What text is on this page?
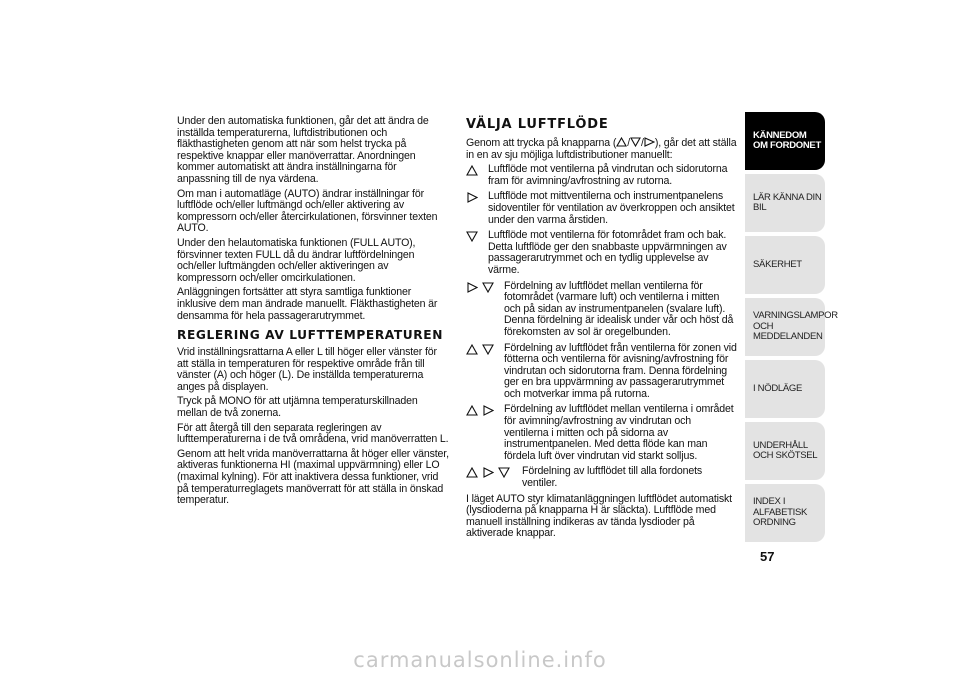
Under den automatiska funktionen, går det att ändra de inställda temperaturerna, luftdistributionen och fläkthastigheten genom att när som helst trycka på respektive knappar eller manöverrattar. Anordningen kommer automatiskt att ändra inställningarna för anpassning till de nya värdena.

Om man i automatläge (AUTO) ändrar inställningar för luftflöde och/eller luftmängd och/eller aktivering av kompressorn och/eller återcirkulationen, försvinner texten AUTO.

Under den helautomatiska funktionen (FULL AUTO), försvinner texten FULL då du ändrar luftfördelningen och/eller luftmängden och/eller aktiveringen av kompressorn och/eller omcirkulationen.

Anläggningen fortsätter att styra samtliga funktioner inklusive dem man ändrade manuellt. Fläkthastigheten är densamma för hela passagerarutrymmet.

REGLERING AV LUFTTEMPERATUREN

Vrid inställningsrattarna A eller L till höger eller vänster för att ställa in temperaturen för respektive område från till vänster (A) och höger (L). De inställda temperaturerna anges på displayen.

Tryck på MONO för att utjämna temperaturskillnaden mellan de två zonerna.

För att återgå till den separata regleringen av lufttemperaturerna i de två områdena, vrid manöverratten L.

Genom att helt vrida manöverrattarna åt höger eller vänster, aktiveras funktionerna HI (maximal uppvärmning) eller LO (maximal kylning). För att inaktivera dessa funktioner, vrid på temperaturreglagets manöverratt för att ställa in önskad temperatur.

VÄLJA LUFTFLÖDE

Genom att trycka på knapparna ( / / ), går det att ställa in en av sju möjliga luftdistributioner manuellt:

Luftflöde mot ventilerna på vindrutan och sidorutorna fram för avimning/avfrostning av rutorna.
Luftflöde mot mittventilerna och instrumentpanelens sidoventiler för ventilation av överkroppen och ansiktet under den varma årstiden.
Luftflöde mot ventilerna för fotområdet fram och bak. Detta luftflöde ger den snabbaste uppvärmningen av passagerarutrymmet och en tydlig upplevelse av värme.
Fördelning av luftflödet mellan ventilerna för fotområdet (varmare luft) och ventilerna i mitten och på sidan av instrumentpanelen (svalare luft). Denna fördelning är idealisk under vår och höst då förekomsten av sol är oregelbunden.
Fördelning av luftflödet från ventilerna för zonen vid fötterna och ventilerna för avisning/avfrostning för vindrutan och sidorutorna fram. Denna fördelning ger en bra uppvärmning av passagerarutrymmet och motverkar imma på rutorna.
Fördelning av luftflödet mellan ventilerna i området för avimning/avfrostning av vindrutan och ventilerna i mitten och på sidorna av instrumentpanelen. Med detta flöde kan man fördela luft över vindrutan vid starkt solljus.
Fördelning av luftflödet till alla fordonets ventiler.

I läget AUTO styr klimatanläggningen luftflödet automatiskt (lysdioderna på knapparna H är släckta). Luftflöde med manuell inställning indikeras av tända lysdioder på aktiverade knappar.

KÄNNEDOM OM FORDONET
LÄR KÄNNA DIN BIL
SÄKERHET
VARNINGSLAMPOR OCH MEDDELANDEN
I NÖDLÄGE
UNDERHÅLL OCH SKÖTSEL
INDEX I ALFABETISK ORDNING
57
carmanualsonline.info
